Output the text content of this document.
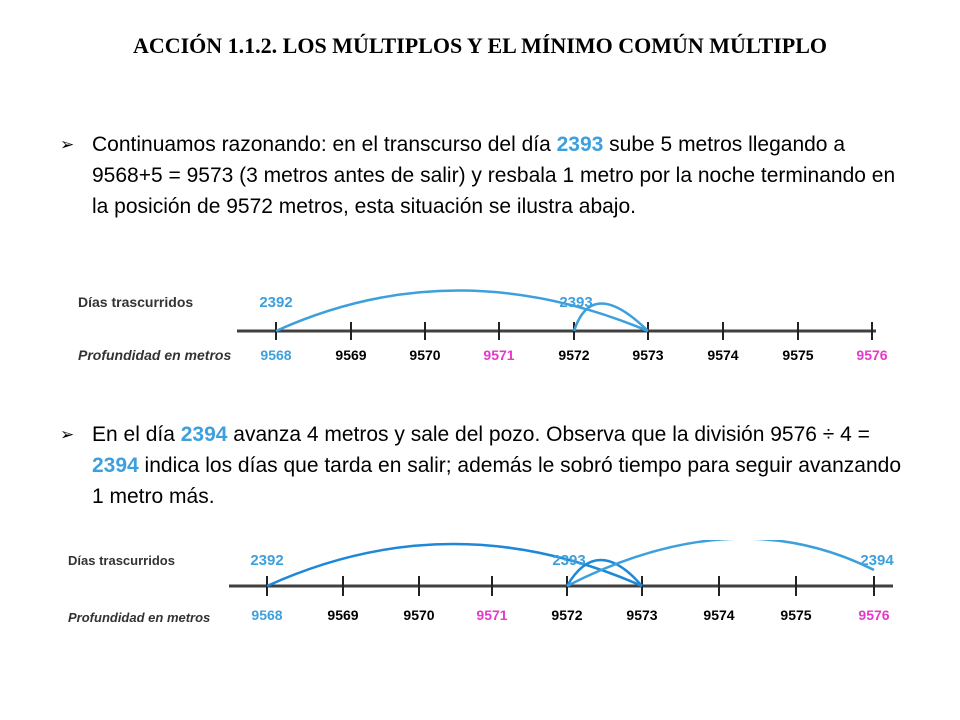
ACCIÓN 1.1.2. LOS MÚLTIPLOS Y EL MÍNIMO COMÚN MÚLTIPLO
➢ Continuamos razonando: en el transcurso del día 2393 sube 5 metros llegando a 9568+5 = 9573 (3 metros antes de salir) y resbala 1 metro por la noche terminando en la posición de 9572 metros, esta situación se ilustra abajo.
Días trascurridos
Profundidad en metros 9568	9569	9570	9571	9572	9573	9574	9575	9576
2392	2393
➢ En el día 2394 avanza 4 metros y sale del pozo. Observa que la división 9576 ÷ 4 = 2394 indica los días que tarda en salir; además le sobró tiempo para seguir avanzando 1 metro más.
Días trascurridos
Profundidad en metros	9568	9569	9570	9571	9572	9573	9574	9575	9576
2392	2393	2394
